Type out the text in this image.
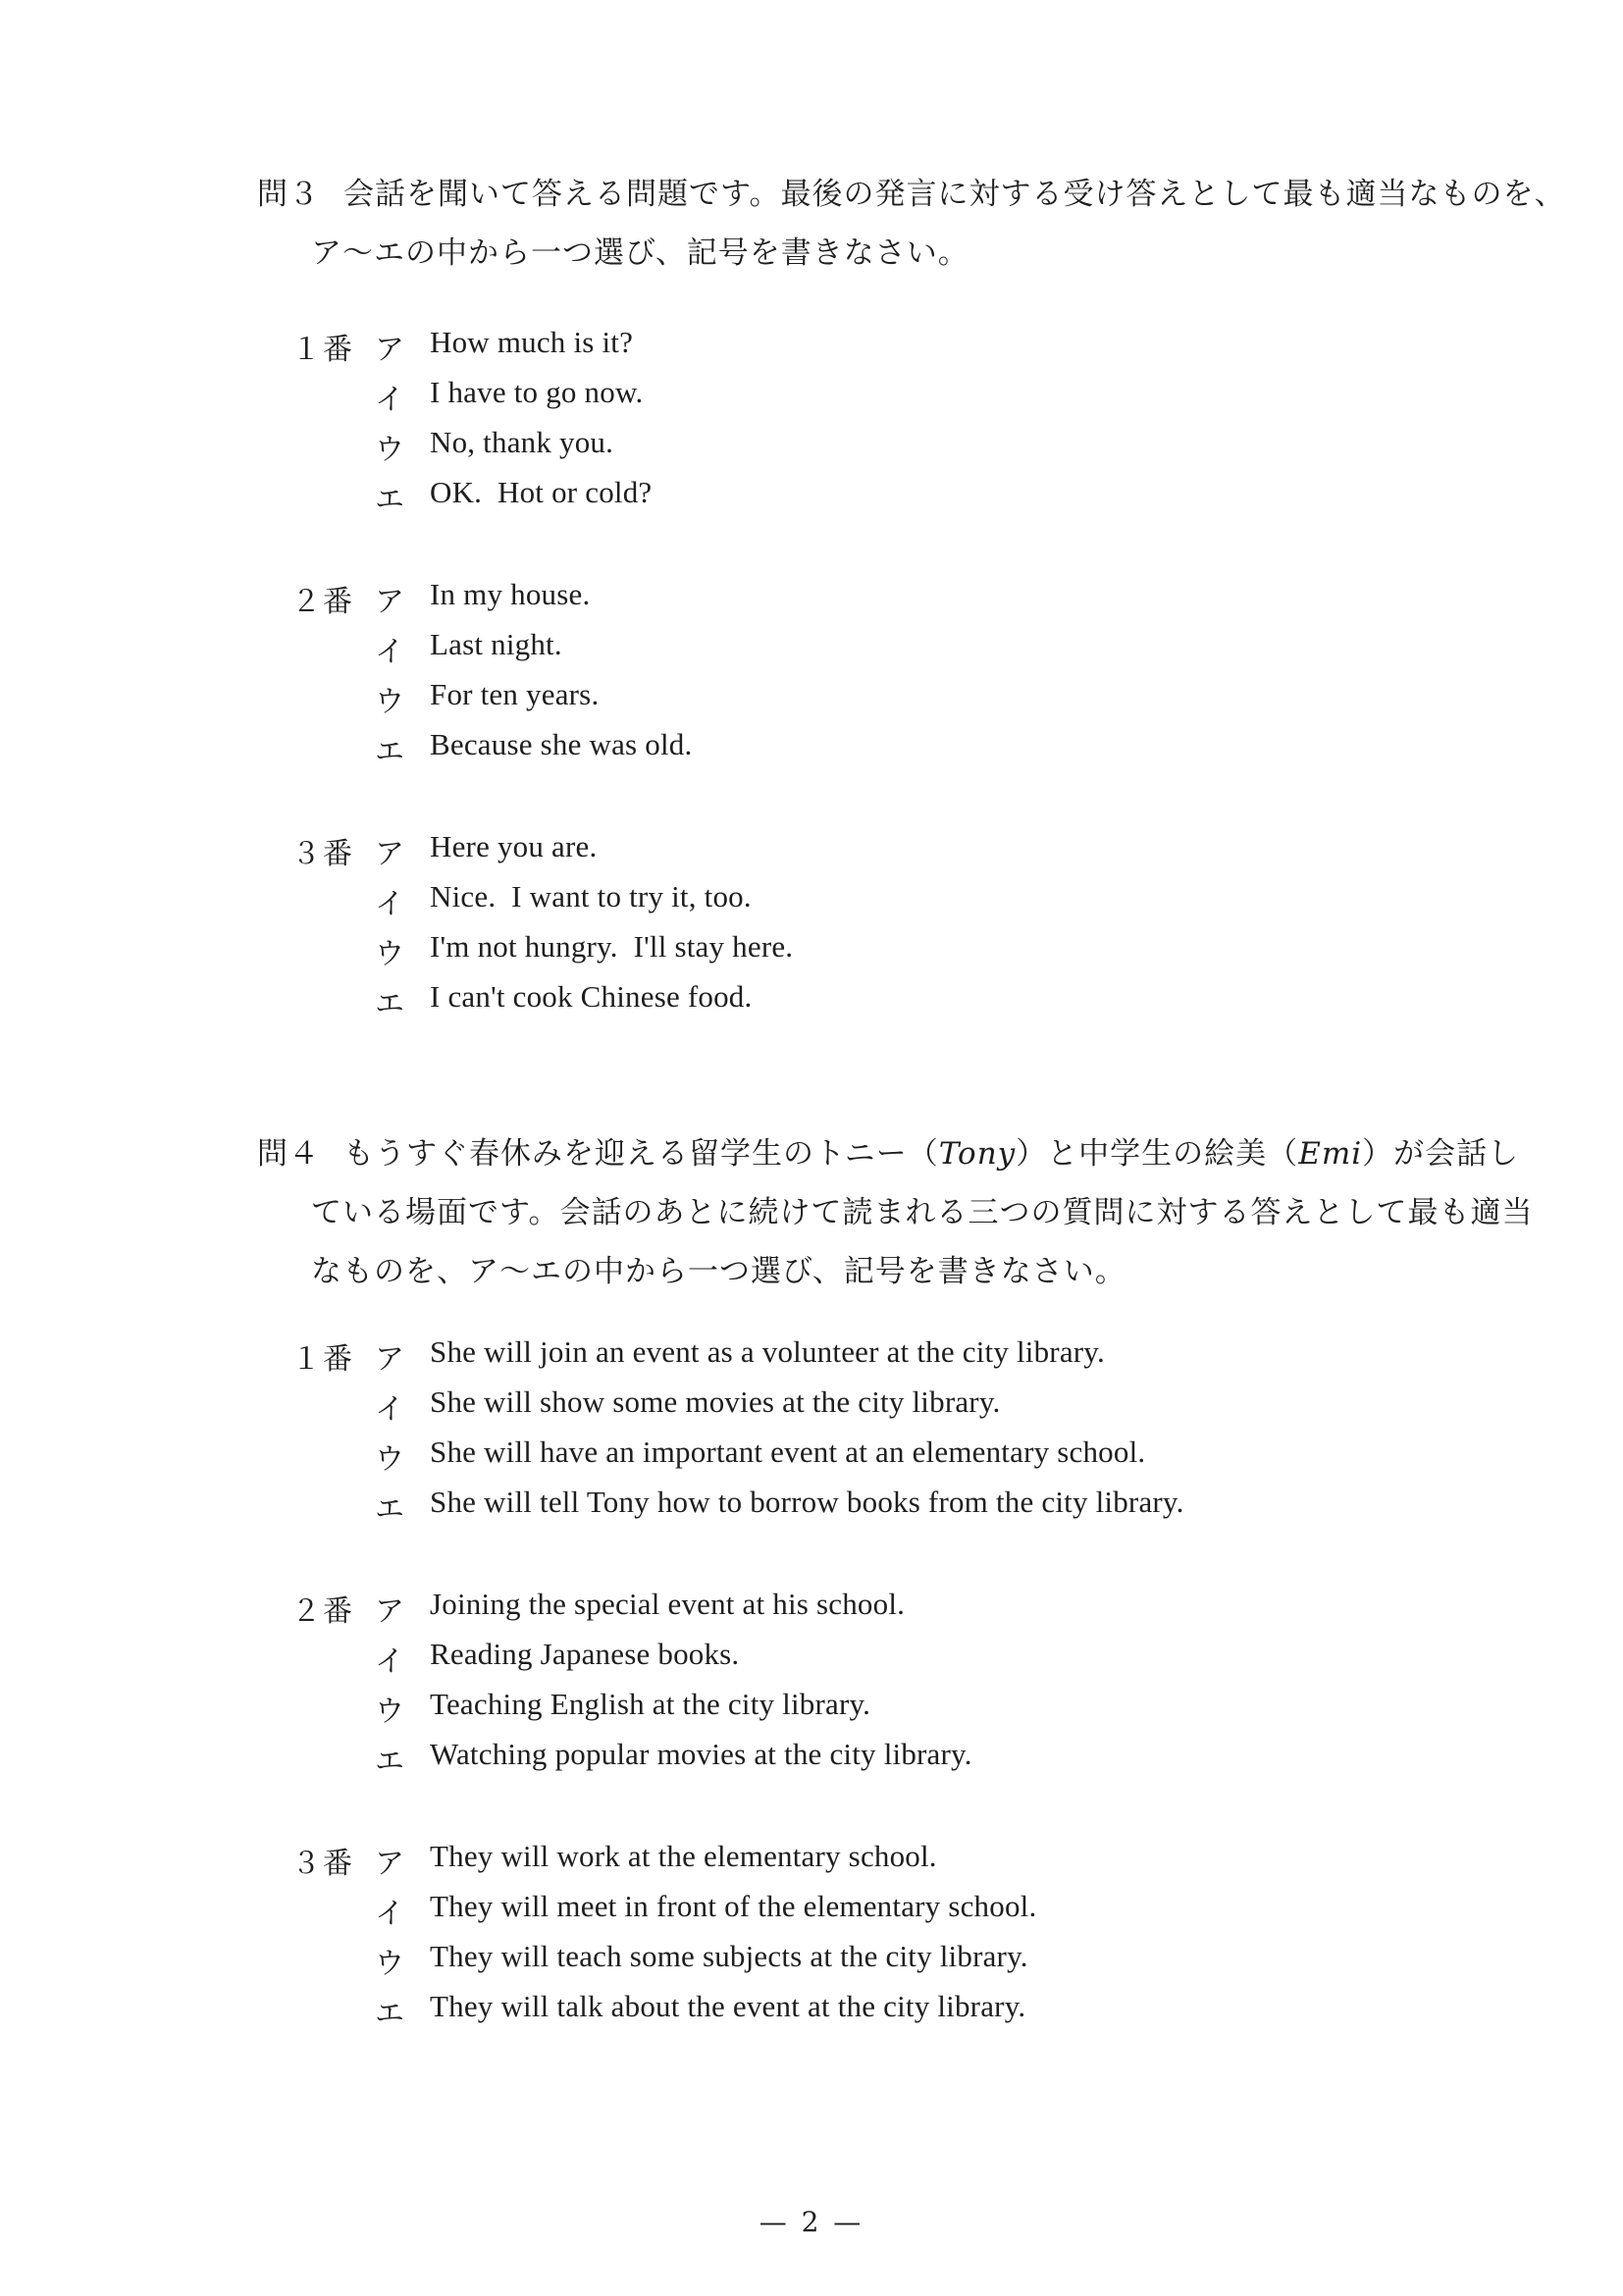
問３ 会話を聞いて答える問題です。最後の発言に対する受け答えとして最も適当なものを、
ア～エの中から一つ選び、記号を書きなさい。
１番 ア How much is it?
イ I have to go now.
ウ No, thank you.
エ OK.  Hot or cold?
２番 ア In my house.
イ Last night.
ウ For ten years.
エ Because she was old.
３番 ア Here you are.
イ Nice.  I want to try it, too.
ウ I'm not hungry.  I'll stay here.
エ I can't cook Chinese food.
問４ もうすぐ春休みを迎える留学生のトニー（Tony）と中学生の絵美（Emi）が会話し
ている場面です。会話のあとに続けて読まれる三つの質問に対する答えとして最も適当
なものを、ア～エの中から一つ選び、記号を書きなさい。
１番 ア She will join an event as a volunteer at the city library.
イ She will show some movies at the city library.
ウ She will have an important event at an elementary school.
エ She will tell Tony how to borrow books from the city library.
２番 ア Joining the special event at his school.
イ Reading Japanese books.
ウ Teaching English at the city library.
エ Watching popular movies at the city library.
３番 ア They will work at the elementary school.
イ They will meet in front of the elementary school.
ウ They will teach some subjects at the city library.
エ They will talk about the event at the city library.
— 2 —
